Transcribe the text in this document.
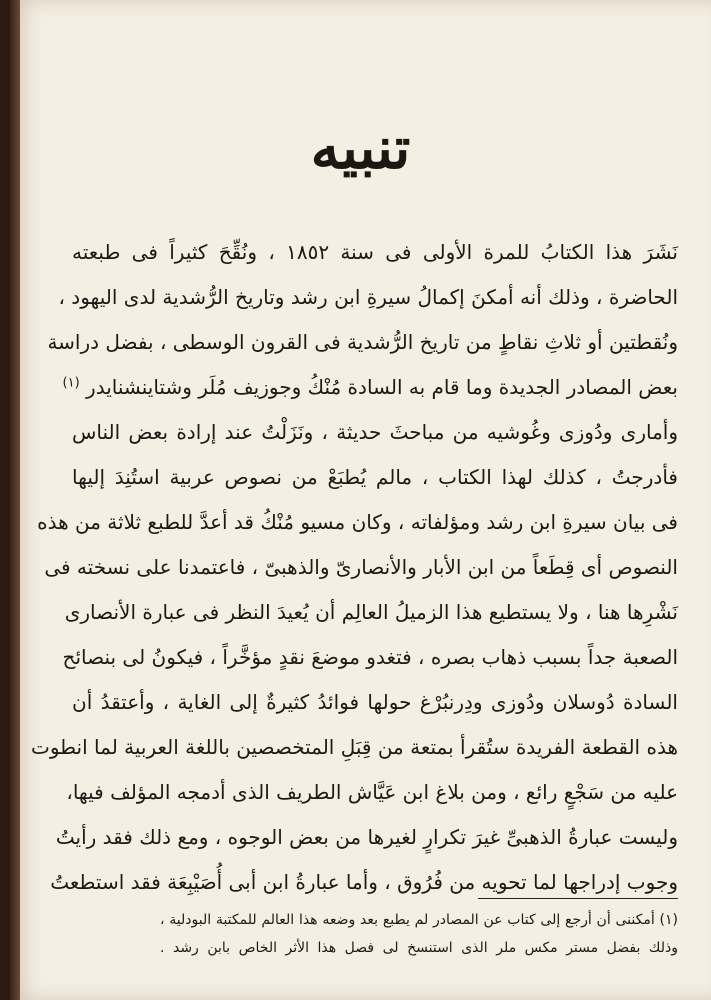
تنبيه
نَشَرَ هذا الكتابُ للمرة الأولى فى سنة ١٨٥٢ ، ونُقِّحَ كثيراً فى طبعته
الحاضرة ، وذلك أنه أمكنَ إكمالُ سيرةِ ابن رشد وتاريخ الرُّشدية لدى اليهود ،
ونُقطتين أو ثلاثِ نقاطٍ من تاريخ الرُّشدية فى القرون الوسطى ، بفضل دراسة
بعض المصادر الجديدة وما قام به السادة مُنْكُ وجوزيف مُلَر وشتاينشنايدر $^{(١)}$
وأمارى ودُوزى وغُوشيه من مباحثَ حديثة ، ونَزَلْتُ عند إرادة بعض الناس
فأدرجتُ ، كذلك لهذا الكتاب ، مالم يُطبَعْ من نصوص عربية استُنِدَ إليها
فى بيان سيرةِ ابن رشد ومؤلفاته ، وكان مسيو مُنْكُ قد أعدَّ للطبع ثلاثة من هذه
النصوص أى قِطَعاً من ابن الأبار والأنصارىّ والذهبىّ ، فاعتمدنا على نسخته فى
نَشْرِها هنا ، ولا يستطيع هذا الزميلُ العالِم أن يُعيدَ النظر فى عبارة الأنصارى
الصعبة جداً بسبب ذهاب بصره ، فتغدو موضعَ نقدٍ مؤخَّراً ، فيكونُ لى بنصائح
السادة دُوسلان ودُوزى ودِرنبُرْغ حولها فوائدُ كثيرةٌ إلى الغاية ، وأعتقدُ أن
هذه القطعة الفريدة ستُقرأ بمتعة من قِبَلِ المتخصصين باللغة العربية لما انطوت
عليه من سَجْعٍ رائع ، ومن بلاغ ابن عَيَّاش الطريف الذى أدمجه المؤلف فيها،
وليست عبارةُ الذهبىِّ غيرَ تكرارٍ لغيرها من بعض الوجوه ، ومع ذلك فقد رأيتُ
وجوب إدراجها لما تحويه من فُرُوق ، وأما عبارةُ ابن أبى أُصَيْبِعَة فقد استطعتُ
(١) أمكننى أن أرجع إلى كتاب عن المصادر لم يطبع بعد وضعه هذا العالم للمكتبة البودلية ،
وذلك بفضل مستر مكس ملر الذى استنسخ لى فصل هذا الأثر الخاص بابن رشد .
